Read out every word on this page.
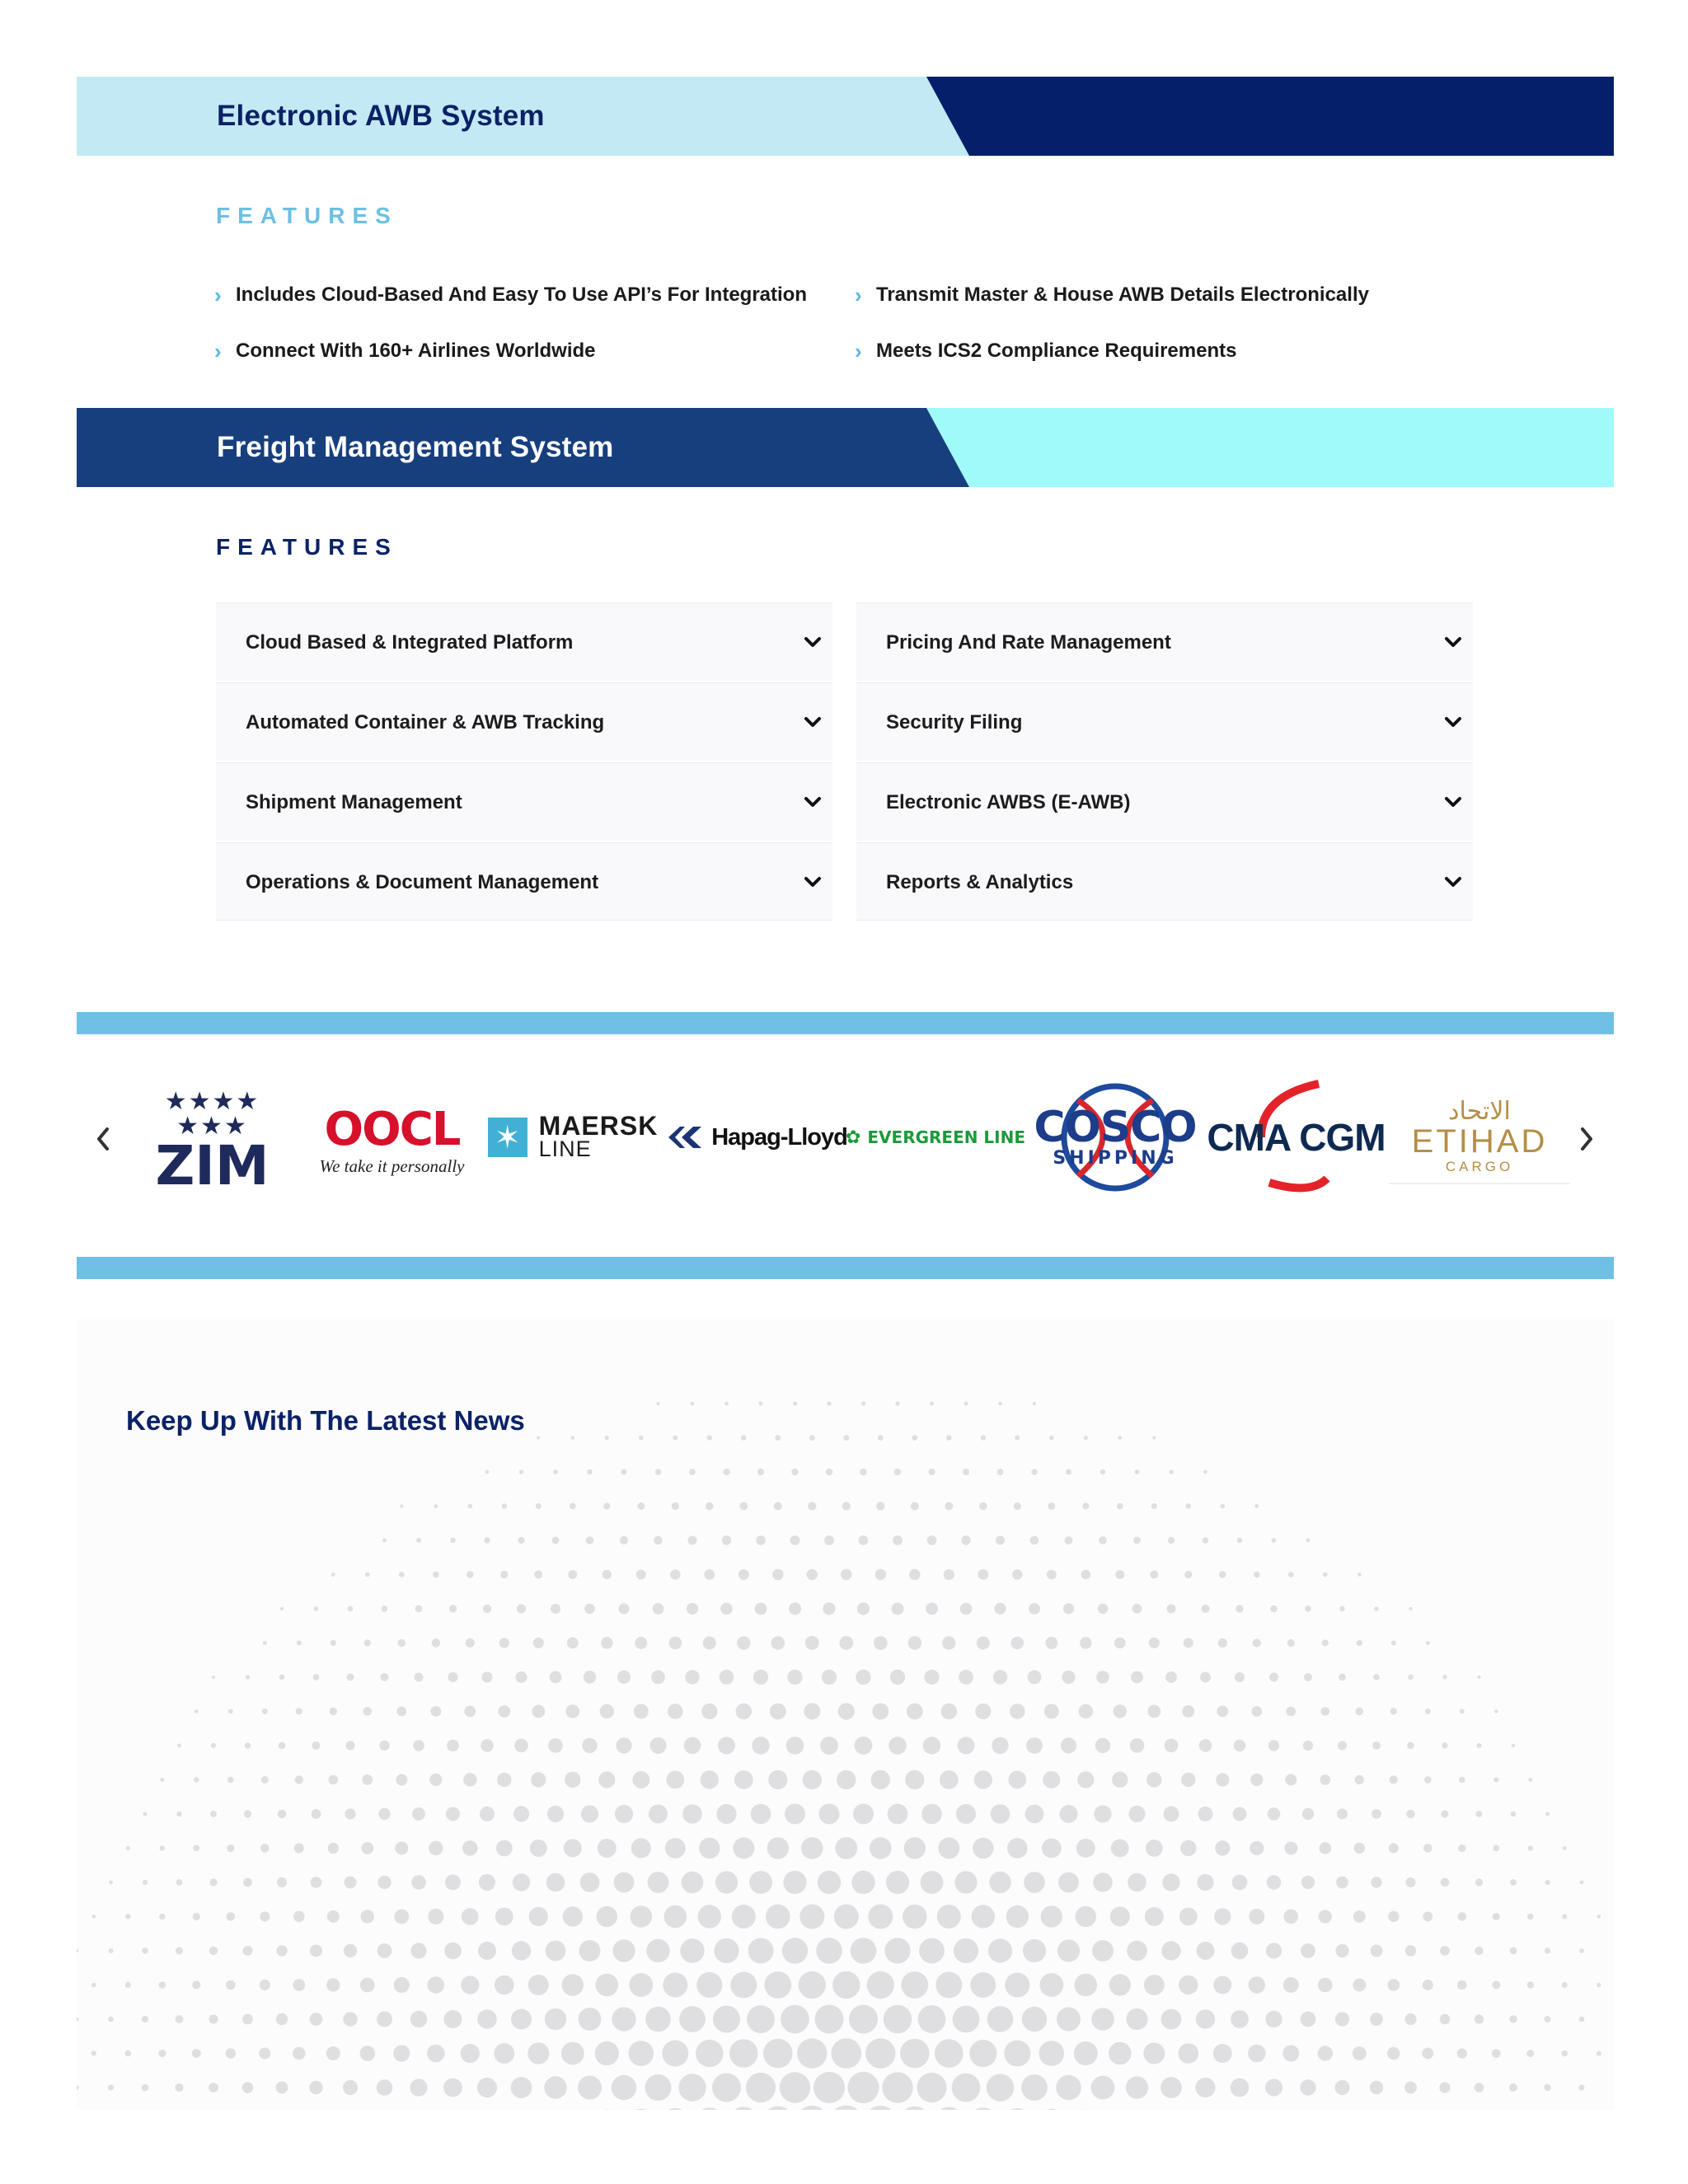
Electronic AWB System
FEATURES
› Includes Cloud-Based And Easy To Use API’s For Integration › Transmit Master & House AWB Details Electronically
› Connect With 160+ Airlines Worldwide	› Meets ICS2 Compliance Requirements
Freight Management System
FEATURES
Cloud Based & Integrated Platform
Automated Container & AWB Tracking
Shipment Management
Operations & Document Management
Pricing And Rate Management
Security Filing
Electronic AWBS (E-AWB)
Reports & Analytics
★★★★
★★★
ZIM
OOCL
We take it personally
✶ MAERSK
LINE	Hapag-Lloyd
✿ EVERGREEN LINE COSCO
SHIPPING CMA CGM
الاتحاد
ETIHAD
CARGO
Keep Up With The Latest News
